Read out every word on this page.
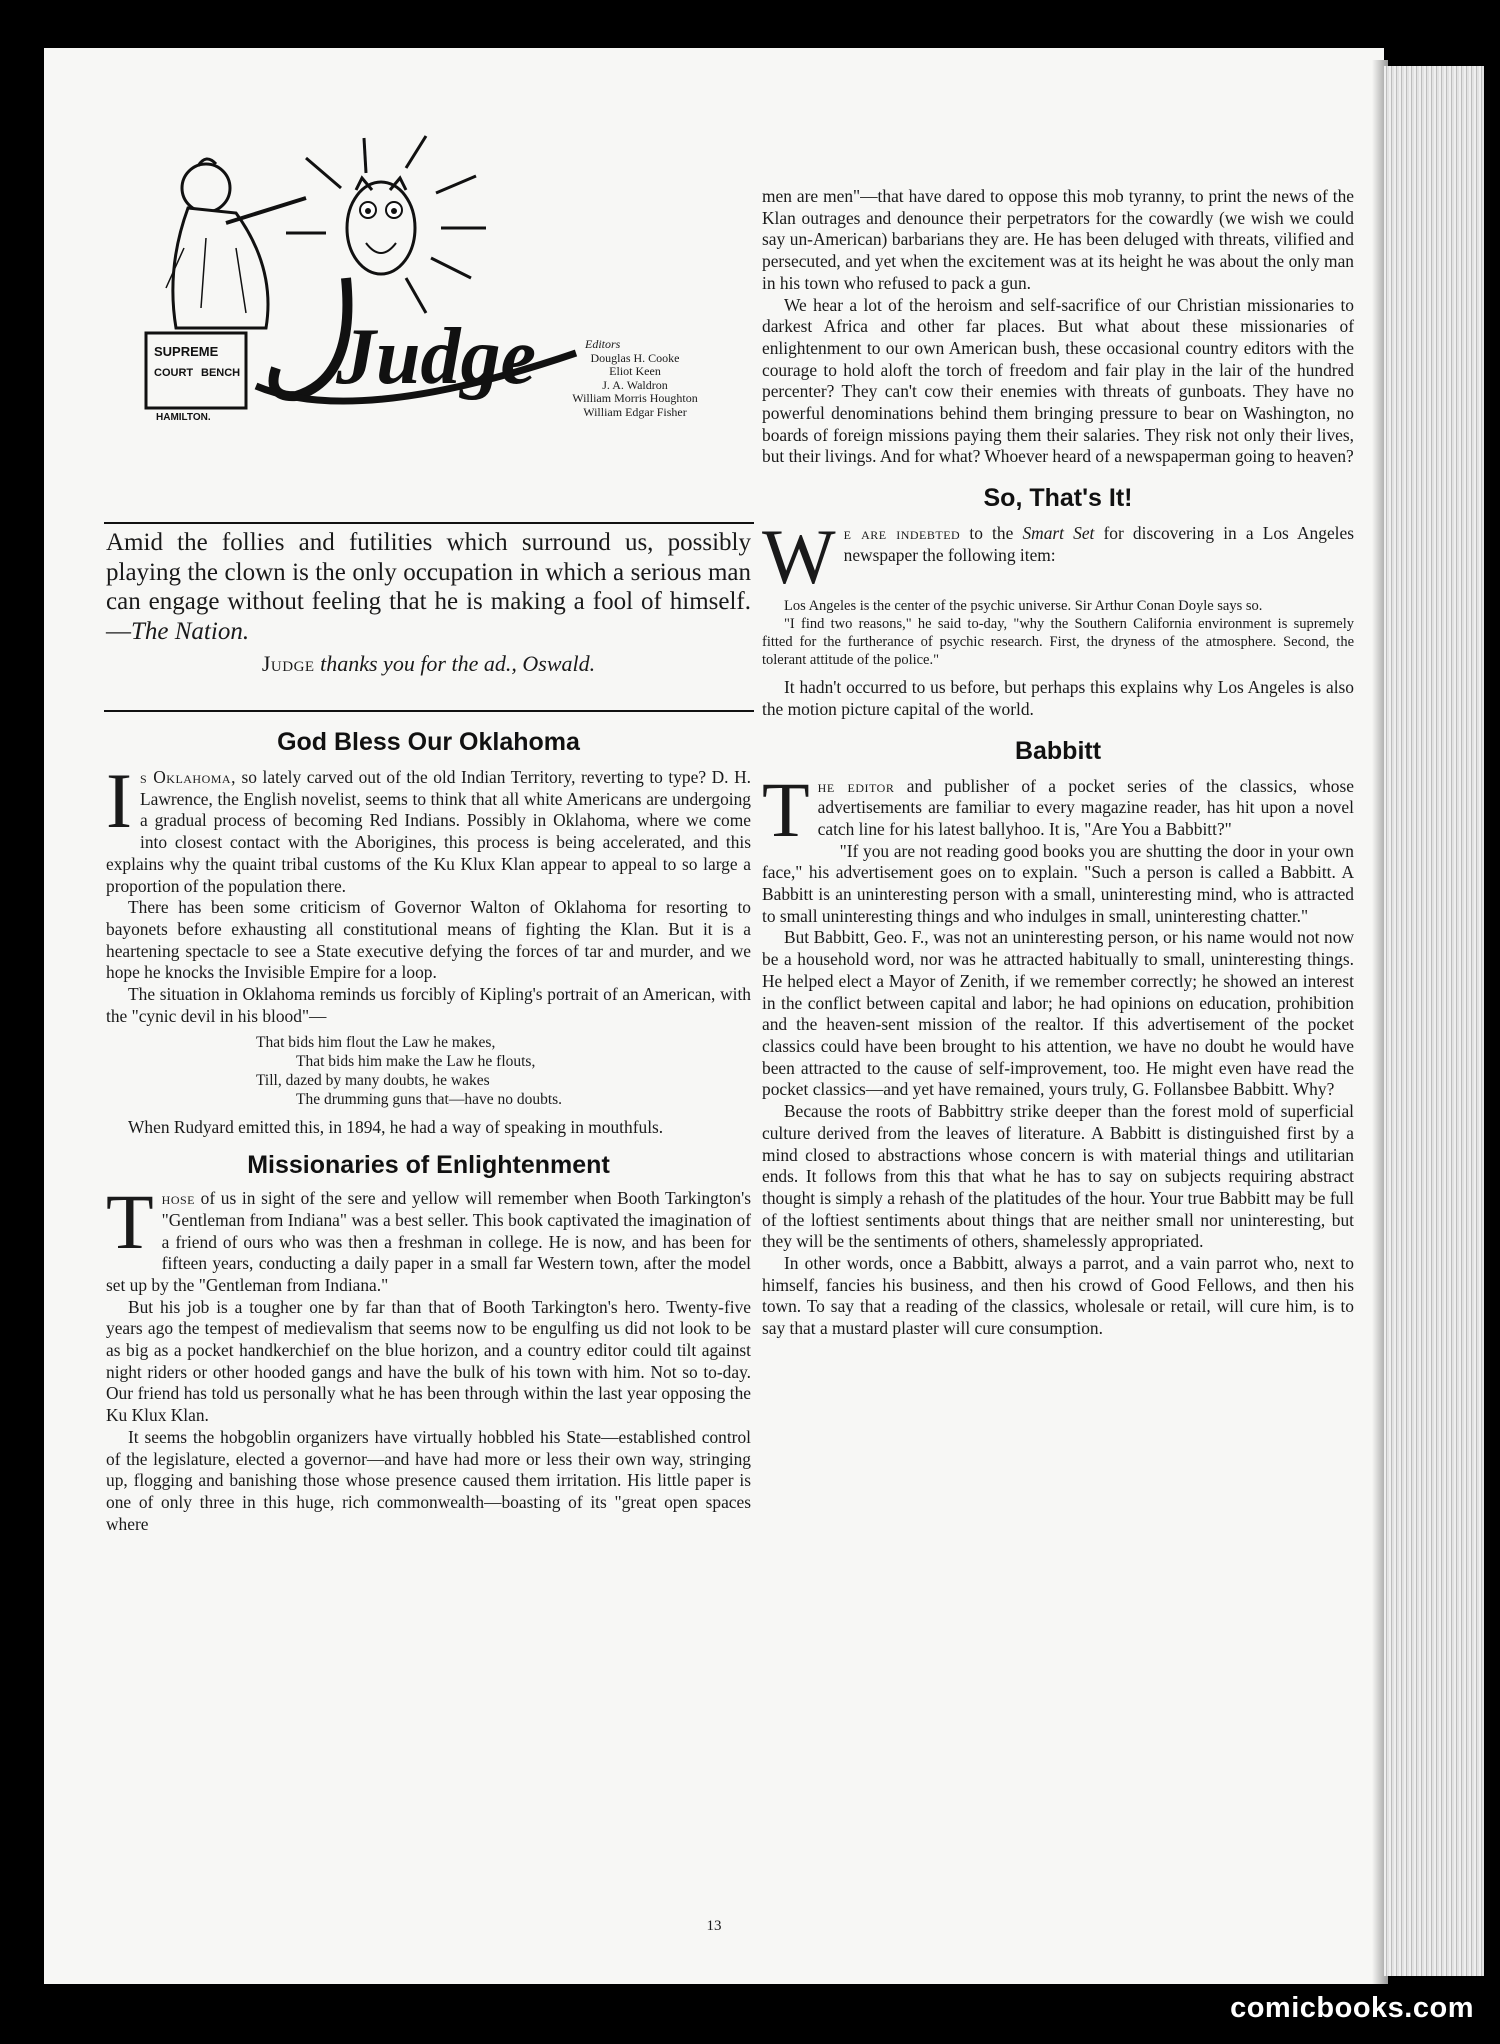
Judge
SUPREME
COURT BENCH
HAMILTON.
Editors
Douglas H. Cooke
Eliot Keen
J. A. Waldron
William Morris Houghton
William Edgar Fisher

Amid the follies and futilities which surround us, possibly playing the clown is the only occupation in which a serious man can engage without feeling that he is making a fool of himself.—The Nation.

Judge thanks you for the ad., Oswald.
God Bless Our Oklahoma

Is Oklahoma, so lately carved out of the old Indian Territory, reverting to type? D. H. Lawrence, the English novelist, seems to think that all white Americans are undergoing a gradual process of becoming Red Indians. Possibly in Oklahoma, where we come into closest contact with the Aborigines, this process is being accelerated, and this explains why the quaint tribal customs of the Ku Klux Klan appear to appeal to so large a proportion of the population there.

There has been some criticism of Governor Walton of Oklahoma for resorting to bayonets before exhausting all constitutional means of fighting the Klan. But it is a heartening spectacle to see a State executive defying the forces of tar and murder, and we hope he knocks the Invisible Empire for a loop.

The situation in Oklahoma reminds us forcibly of Kipling's portrait of an American, with the "cynic devil in his blood"—

That bids him flout the Law he makes,
That bids him make the Law he flouts,
Till, dazed by many doubts, he wakes
The drumming guns that—have no doubts.

When Rudyard emitted this, in 1894, he had a way of speaking in mouthfuls.

Missionaries of Enlightenment

Those of us in sight of the sere and yellow will remember when Booth Tarkington's "Gentleman from Indiana" was a best seller. This book captivated the imagination of a friend of ours who was then a freshman in college. He is now, and has been for fifteen years, conducting a daily paper in a small far Western town, after the model set up by the "Gentleman from Indiana."

But his job is a tougher one by far than that of Booth Tarkington's hero. Twenty-five years ago the tempest of medievalism that seems now to be engulfing us did not look to be as big as a pocket handkerchief on the blue horizon, and a country editor could tilt against night riders or other hooded gangs and have the bulk of his town with him. Not so to-day. Our friend has told us personally what he has been through within the last year opposing the Ku Klux Klan.

It seems the hobgoblin organizers have virtually hobbled his State—established control of the legislature, elected a governor—and have had more or less their own way, stringing up, flogging and banishing those whose presence caused them irritation. His little paper is one of only three in this huge, rich commonwealth—boasting of its "great open spaces where

men are men"—that have dared to oppose this mob tyranny, to print the news of the Klan outrages and denounce their perpetrators for the cowardly (we wish we could say un-American) barbarians they are. He has been deluged with threats, vilified and persecuted, and yet when the excitement was at its height he was about the only man in his town who refused to pack a gun.

We hear a lot of the heroism and self-sacrifice of our Christian missionaries to darkest Africa and other far places. But what about these missionaries of enlightenment to our own American bush, these occasional country editors with the courage to hold aloft the torch of freedom and fair play in the lair of the hundred percenter? They can't cow their enemies with threats of gunboats. They have no powerful denominations behind them bringing pressure to bear on Washington, no boards of foreign missions paying them their salaries. They risk not only their lives, but their livings. And for what? Whoever heard of a newspaperman going to heaven?

So, That's It!

We are indebted to the Smart Set for discovering in a Los Angeles newspaper the following item:

Los Angeles is the center of the psychic universe. Sir Arthur Conan Doyle says so.

"I find two reasons," he said to-day, "why the Southern California environment is supremely fitted for the furtherance of psychic research. First, the dryness of the atmosphere. Second, the tolerant attitude of the police."

It hadn't occurred to us before, but perhaps this explains why Los Angeles is also the motion picture capital of the world.

Babbitt

The editor and publisher of a pocket series of the classics, whose advertisements are familiar to every magazine reader, has hit upon a novel catch line for his latest ballyhoo. It is, "Are You a Babbitt?"

"If you are not reading good books you are shutting the door in your own face," his advertisement goes on to explain. "Such a person is called a Babbitt. A Babbitt is an uninteresting person with a small, uninteresting mind, who is attracted to small uninteresting things and who indulges in small, uninteresting chatter."

But Babbitt, Geo. F., was not an uninteresting person, or his name would not now be a household word, nor was he attracted habitually to small, uninteresting things. He helped elect a Mayor of Zenith, if we remember correctly; he showed an interest in the conflict between capital and labor; he had opinions on education, prohibition and the heaven-sent mission of the realtor. If this advertisement of the pocket classics could have been brought to his attention, we have no doubt he would have been attracted to the cause of self-improvement, too. He might even have read the pocket classics—and yet have remained, yours truly, G. Follansbee Babbitt. Why?

Because the roots of Babbittry strike deeper than the forest mold of superficial culture derived from the leaves of literature. A Babbitt is distinguished first by a mind closed to abstractions whose concern is with material things and utilitarian ends. It follows from this that what he has to say on subjects requiring abstract thought is simply a rehash of the platitudes of the hour. Your true Babbitt may be full of the loftiest sentiments about things that are neither small nor uninteresting, but they will be the sentiments of others, shamelessly appropriated.

In other words, once a Babbitt, always a parrot, and a vain parrot who, next to himself, fancies his business, and then his crowd of Good Fellows, and then his town. To say that a reading of the classics, wholesale or retail, will cure him, is to say that a mustard plaster will cure consumption.

13
comicbooks.com
